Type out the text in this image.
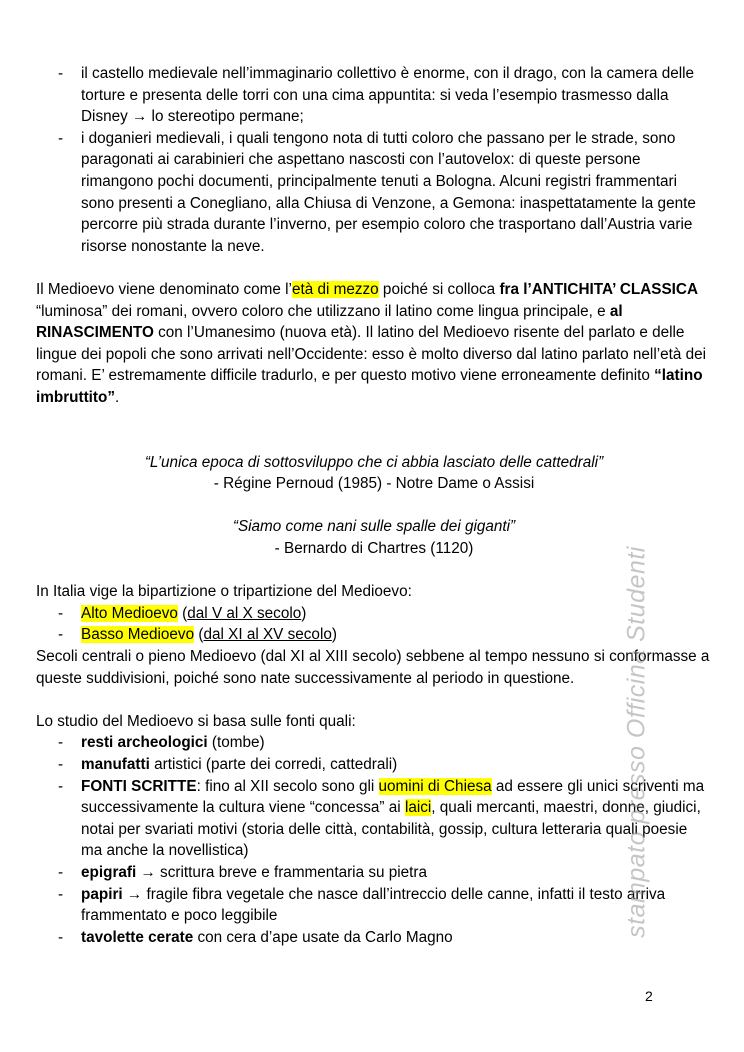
- il castello medievale nell’immaginario collettivo è enorme, con il drago, con la camera delle torture e presenta delle torri con una cima appuntita: si veda l’esempio trasmesso dalla Disney → lo stereotipo permane;
- i doganieri medievali, i quali tengono nota di tutti coloro che passano per le strade, sono paragonati ai carabinieri che aspettano nascosti con l’autovelox: di queste persone rimangono pochi documenti, principalmente tenuti a Bologna. Alcuni registri frammentari sono presenti a Conegliano, alla Chiusa di Venzone, a Gemona: inaspettatamente la gente percorre più strada durante l’inverno, per esempio coloro che trasportano dall’Austria varie risorse nonostante la neve.

Il Medioevo viene denominato come l’età di mezzo poiché si colloca fra l’ANTICHITA’ CLASSICA “luminosa” dei romani, ovvero coloro che utilizzano il latino come lingua principale, e al RINASCIMENTO con l’Umanesimo (nuova età). Il latino del Medioevo risente del parlato e delle lingue dei popoli che sono arrivati nell’Occidente: esso è molto diverso dal latino parlato nell’età dei romani. E’ estremamente difficile tradurlo, e per questo motivo viene erroneamente definito “latino imbruttito”.

“L’unica epoca di sottosviluppo che ci abbia lasciato delle cattedrali”

- Régine Pernoud (1985) - Notre Dame o Assisi

“Siamo come nani sulle spalle dei giganti”

- Bernardo di Chartres (1120)

In Italia vige la bipartizione o tripartizione del Medioevo:

- Alto Medioevo (dal V al X secolo)
- Basso Medioevo (dal XI al XV secolo)

Secoli centrali o pieno Medioevo (dal XI al XIII secolo) sebbene al tempo nessuno si conformasse a queste suddivisioni, poiché sono nate successivamente al periodo in questione.

Lo studio del Medioevo si basa sulle fonti quali:

- resti archeologici (tombe)
- manufatti artistici (parte dei corredi, cattedrali)
- FONTI SCRITTE: fino al XII secolo sono gli uomini di Chiesa ad essere gli unici scriventi ma successivamente la cultura viene “concessa” ai laici, quali mercanti, maestri, donne, giudici, notai per svariati motivi (storia delle città, contabilità, gossip, cultura letteraria quali poesie ma anche la novellistica)
- epigrafi → scrittura breve e frammentaria su pietra
- papiri → fragile fibra vegetale che nasce dall’intreccio delle canne, infatti il testo arriva frammentato e poco leggibile
- tavolette cerate con cera d’ape usate da Carlo Magno	stampato presso Officina Studenti
2
